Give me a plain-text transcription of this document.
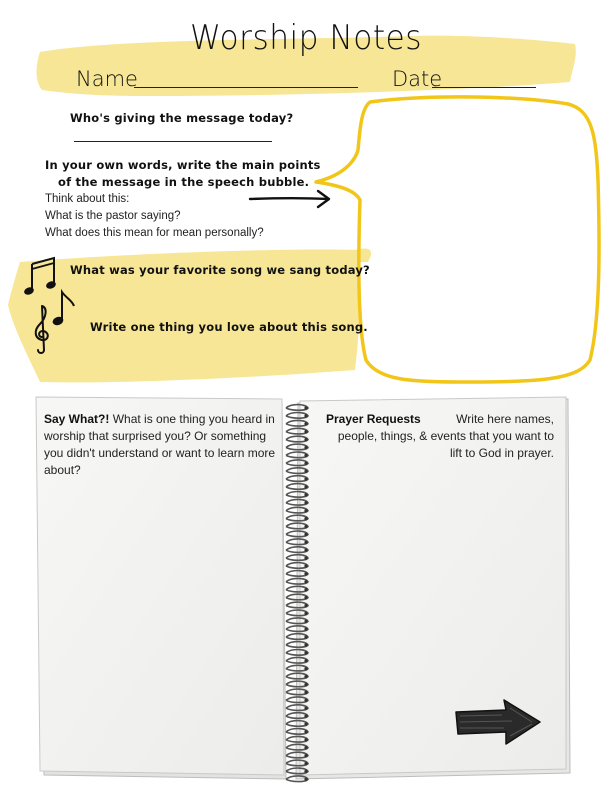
Worship Notes
Name	Date
Who's giving the message today?
In your own words, write the main points
of the message in the speech bubble.
Think about this:
What is the pastor saying?
What does this mean for mean personally?
What was your favorite song we sang today?
Write one thing you love about this song.
Say What?! What is one thing you heard in worship that surprised you? Or something you didn't understand or want to learn more about?
Prayer Requests	Write here names, people, things, & events that you want to lift to God in prayer.
